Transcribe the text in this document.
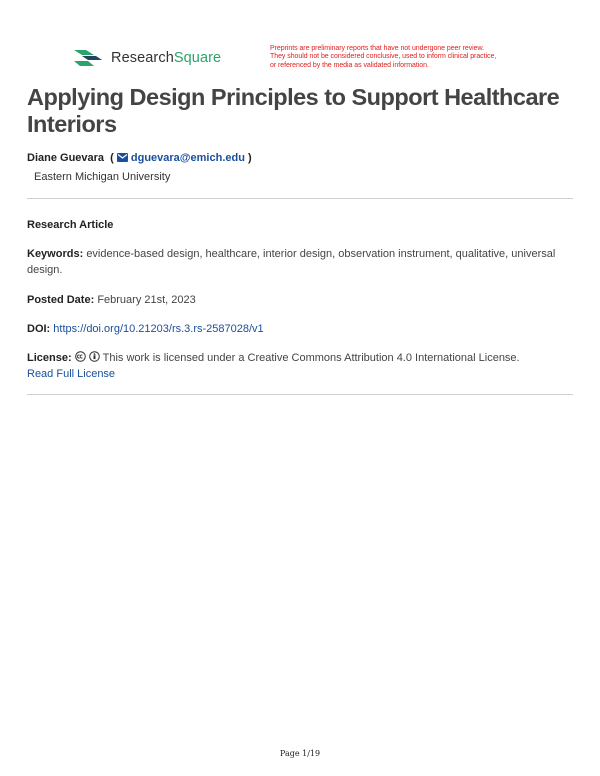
ResearchSquare
Preprints are preliminary reports that have not undergone peer review.
They should not be considered conclusive, used to inform clinical practice,
or referenced by the media as validated information.
Applying Design Principles to Support Healthcare Interiors
Diane Guevara  ( dguevara@emich.edu )
Eastern Michigan University
Research Article
Keywords: evidence-based design, healthcare, interior design, observation instrument, qualitative, universal design.
Posted Date: February 21st, 2023
DOI: https://doi.org/10.21203/rs.3.rs-2587028/v1
License:	This work is licensed under a Creative Commons Attribution 4.0 International License.
Read Full License
Page 1/19
